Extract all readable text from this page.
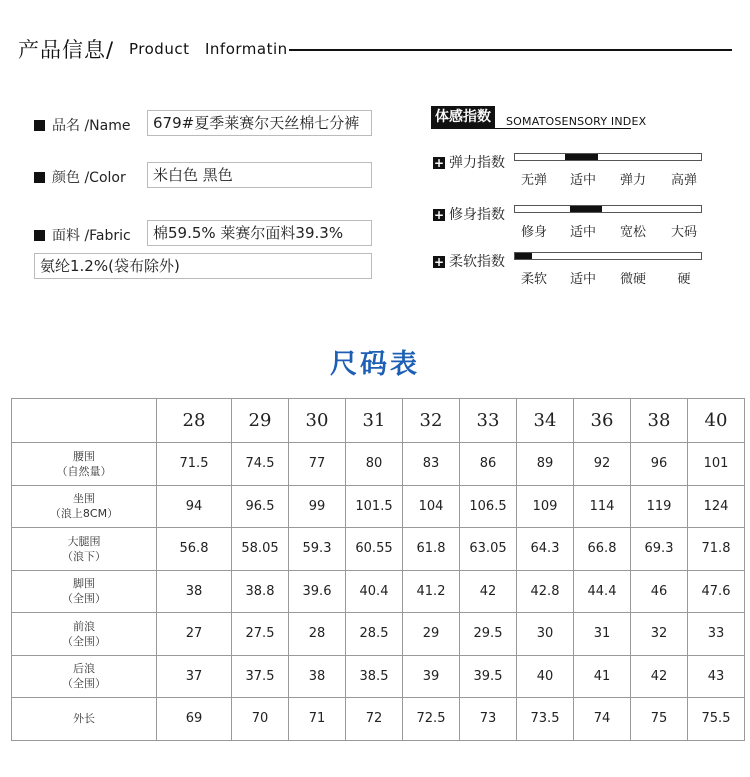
产品信息/ Product Informatin
品名 /Name	679#夏季莱赛尔天丝棉七分裤
颜色 /Color	米白色 黑色
面料 /Fabric	棉59.5% 莱赛尔面料39.3%
氨纶1.2%(袋布除外)
体感指数	SOMATOSENSORY INDEX
+ 弹力指数
无弹 适中 弹力 高弹
+ 修身指数
修身 适中 宽松 大码
+ 柔软指数
柔软 适中 微硬 硬
尺码表
	28	29	30	31	32	33	34	36	38	40

腰围
（自然量）	71.5	74.5	77	80	83	86	89	92	96	101

坐围
（浪上8CM）	94	96.5	99	101.5	104	106.5	109	114	119	124

大腿围
（浪下）	56.8	58.05	59.3	60.55	61.8	63.05	64.3	66.8	69.3	71.8

脚围
（全围）	38	38.8	39.6	40.4	41.2	42	42.8	44.4	46	47.6

前浪
（全围）	27	27.5	28	28.5	29	29.5	30	31	32	33

后浪
（全围）	37	37.5	38	38.5	39	39.5	40	41	42	43

外长	69	70	71	72	72.5	73	73.5	74	75	75.5
